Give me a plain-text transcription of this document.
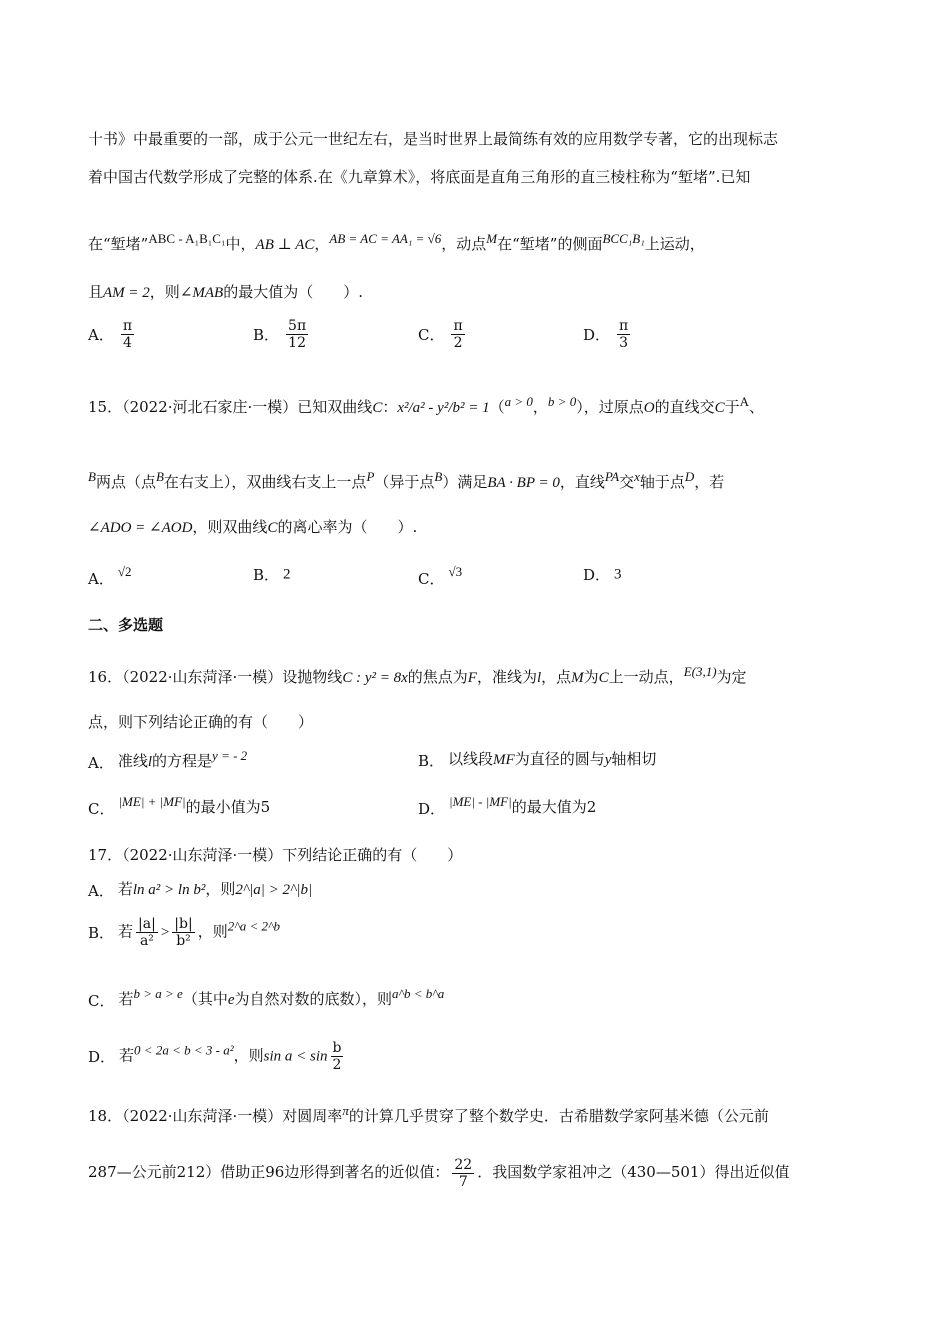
十书》中最重要的一部，成于公元一世纪左右，是当时世界上最简练有效的应用数学专著，它的出现标志
着中国古代数学形成了完整的体系.在《九章算术》，将底面是直角三角形的直三棱柱称为“堑堵”.已知
在“堑堵”ABC - A₁B₁C₁中，AB ⊥ AC，AB = AC = AA₁ = √6，动点M在“堑堵”的侧面BCC₁B₁上运动，
且AM = 2，则∠MAB的最大值为（　　）.
A． $\frac{\pi}{4}$	B． $\frac{5\pi}{12}$	C． $\frac{\pi}{2}$	D． $\frac{\pi}{3}$
15．（2022·河北石家庄·一模）已知双曲线C：x²/a² - y²/b² = 1（a > 0，b > 0），过原点O的直线交C于A、
B两点（点B在右支上），双曲线右支上一点P（异于点B）满足BA · BP = 0，直线PA交x轴于点D，若
∠ADO = ∠AOD，则双曲线C的离心率为（　　）.
A． √2	B． 2	C． √3	D． 3
二、多选题
16．（2022·山东菏泽·一模）设抛物线C : y² = 8x的焦点为F，准线为l，点M为C上一动点，E(3,1)为定
点，则下列结论正确的有（　　）
A． 准线l的方程是y = - 2	B． 以线段MF为直径的圆与y轴相切
C． |ME| + |MF|的最小值为5	D． |ME| - |MF|的最大值为2
17．（2022·山东菏泽·一模）下列结论正确的有（　　）
A． 若ln a² > ln b²，则2^|a| > 2^|b|
B． 若 $\frac{|a|}{\text{a²}} > \frac{|b|}{\text{b²}}$ ，则2^a < 2^b
C． 若b > a > e（其中e为自然对数的底数），则a^b < b^a
D． 若0 < 2a < b < 3 - a²，则$\sin a < \sin \frac{b}{2}$
18．（2022·山东菏泽·一模）对圆周率π的计算几乎贯穿了整个数学史．古希腊数学家阿基米德（公元前
287—公元前212）借助正96边形得到著名的近似值： $\frac{22}{7}$ ．我国数学家祖冲之（430—501）得出近似值
